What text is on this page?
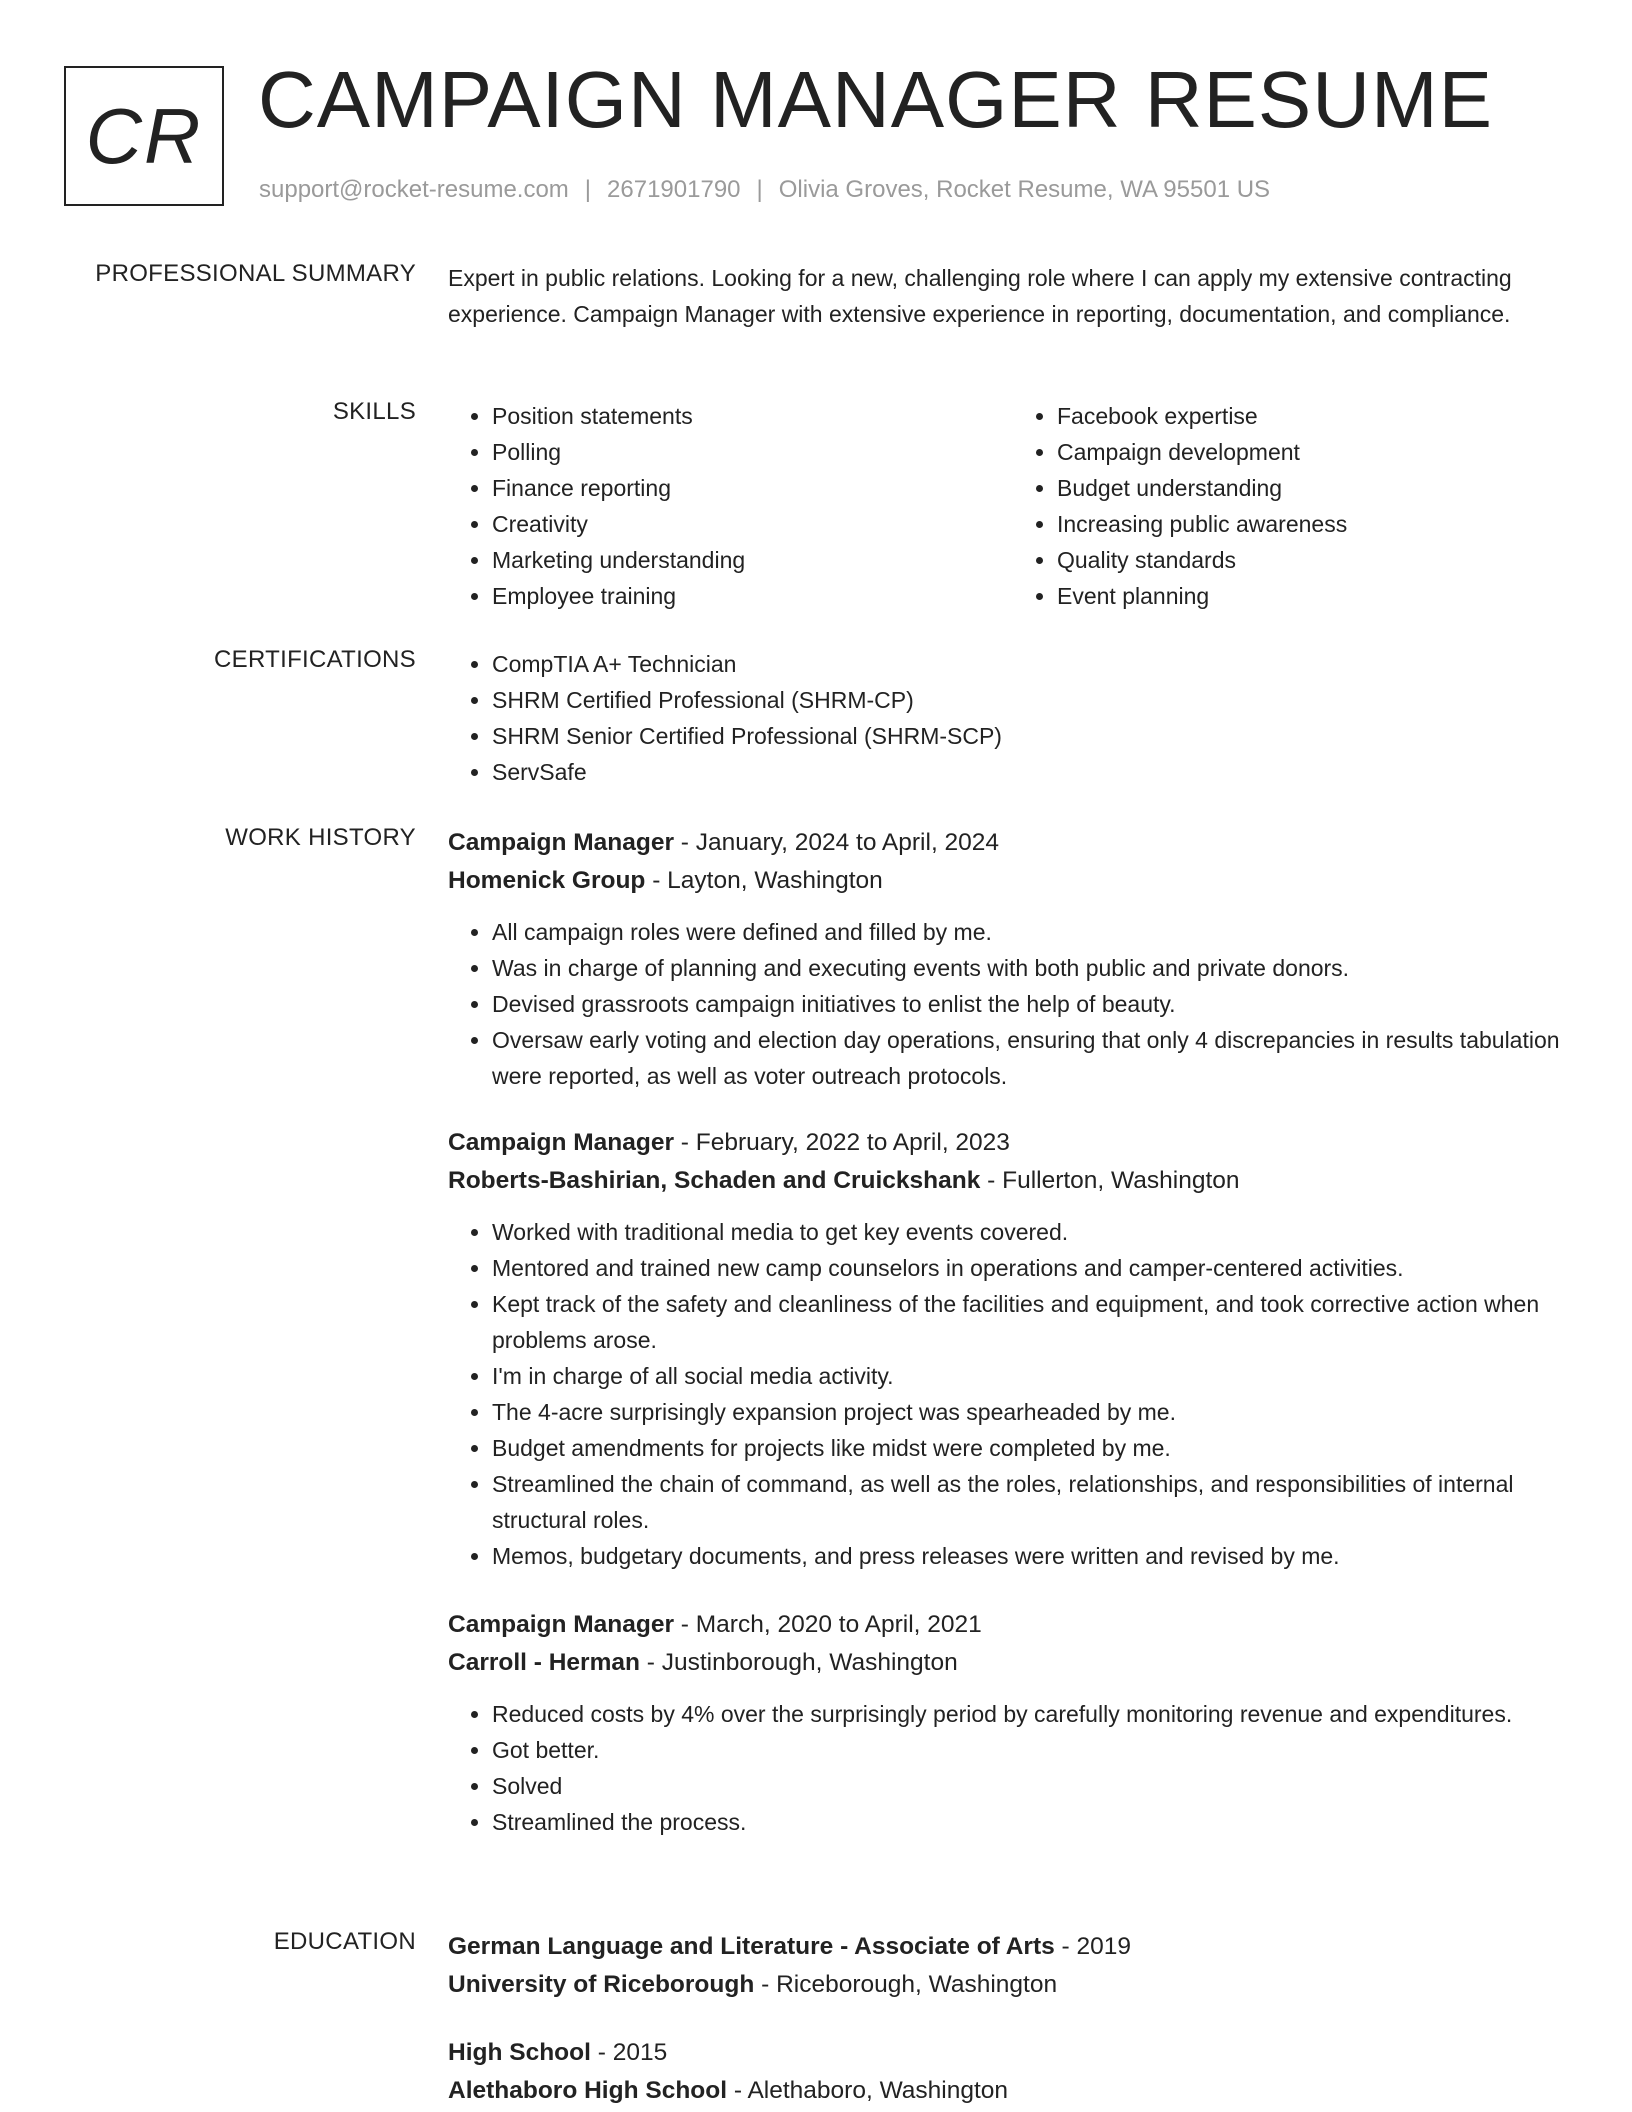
CR CAMPAIGN MANAGER RESUME
support@rocket-resume.com | 2671901790 | Olivia Groves, Rocket Resume, WA 95501 US
PROFESSIONAL SUMMARY Expert in public relations. Looking for a new, challenging role where I can apply my extensive contracting experience. Campaign Manager with extensive experience in reporting, documentation, and compliance.
SKILLS	• Position statements
• Polling
• Finance reporting
• Creativity
• Marketing understanding
• Employee training
• Facebook expertise
• Campaign development
• Budget understanding
• Increasing public awareness
• Quality standards
• Event planning
CERTIFICATIONS	• CompTIA A+ Technician
• SHRM Certified Professional (SHRM-CP)
• SHRM Senior Certified Professional (SHRM-SCP)
• ServSafe
WORK HISTORY Campaign Manager - January, 2024 to April, 2024
Homenick Group - Layton, Washington
• All campaign roles were defined and filled by me.
• Was in charge of planning and executing events with both public and private donors.
• Devised grassroots campaign initiatives to enlist the help of beauty.
• Oversaw early voting and election day operations, ensuring that only 4 discrepancies in results tabulation were reported, as well as voter outreach protocols.
Campaign Manager - February, 2022 to April, 2023
Roberts-Bashirian, Schaden and Cruickshank - Fullerton, Washington
• Worked with traditional media to get key events covered.
• Mentored and trained new camp counselors in operations and camper-centered activities.
• Kept track of the safety and cleanliness of the facilities and equipment, and took corrective action when problems arose.
• I'm in charge of all social media activity.
• The 4-acre surprisingly expansion project was spearheaded by me.
• Budget amendments for projects like midst were completed by me.
• Streamlined the chain of command, as well as the roles, relationships, and responsibilities of internal structural roles.
• Memos, budgetary documents, and press releases were written and revised by me.
Campaign Manager - March, 2020 to April, 2021
Carroll - Herman - Justinborough, Washington
• Reduced costs by 4% over the surprisingly period by carefully monitoring revenue and expenditures.
• Got better.
• Solved
• Streamlined the process.
EDUCATION German Language and Literature - Associate of Arts - 2019
University of Riceborough - Riceborough, Washington
High School - 2015
Alethaboro High School - Alethaboro, Washington
